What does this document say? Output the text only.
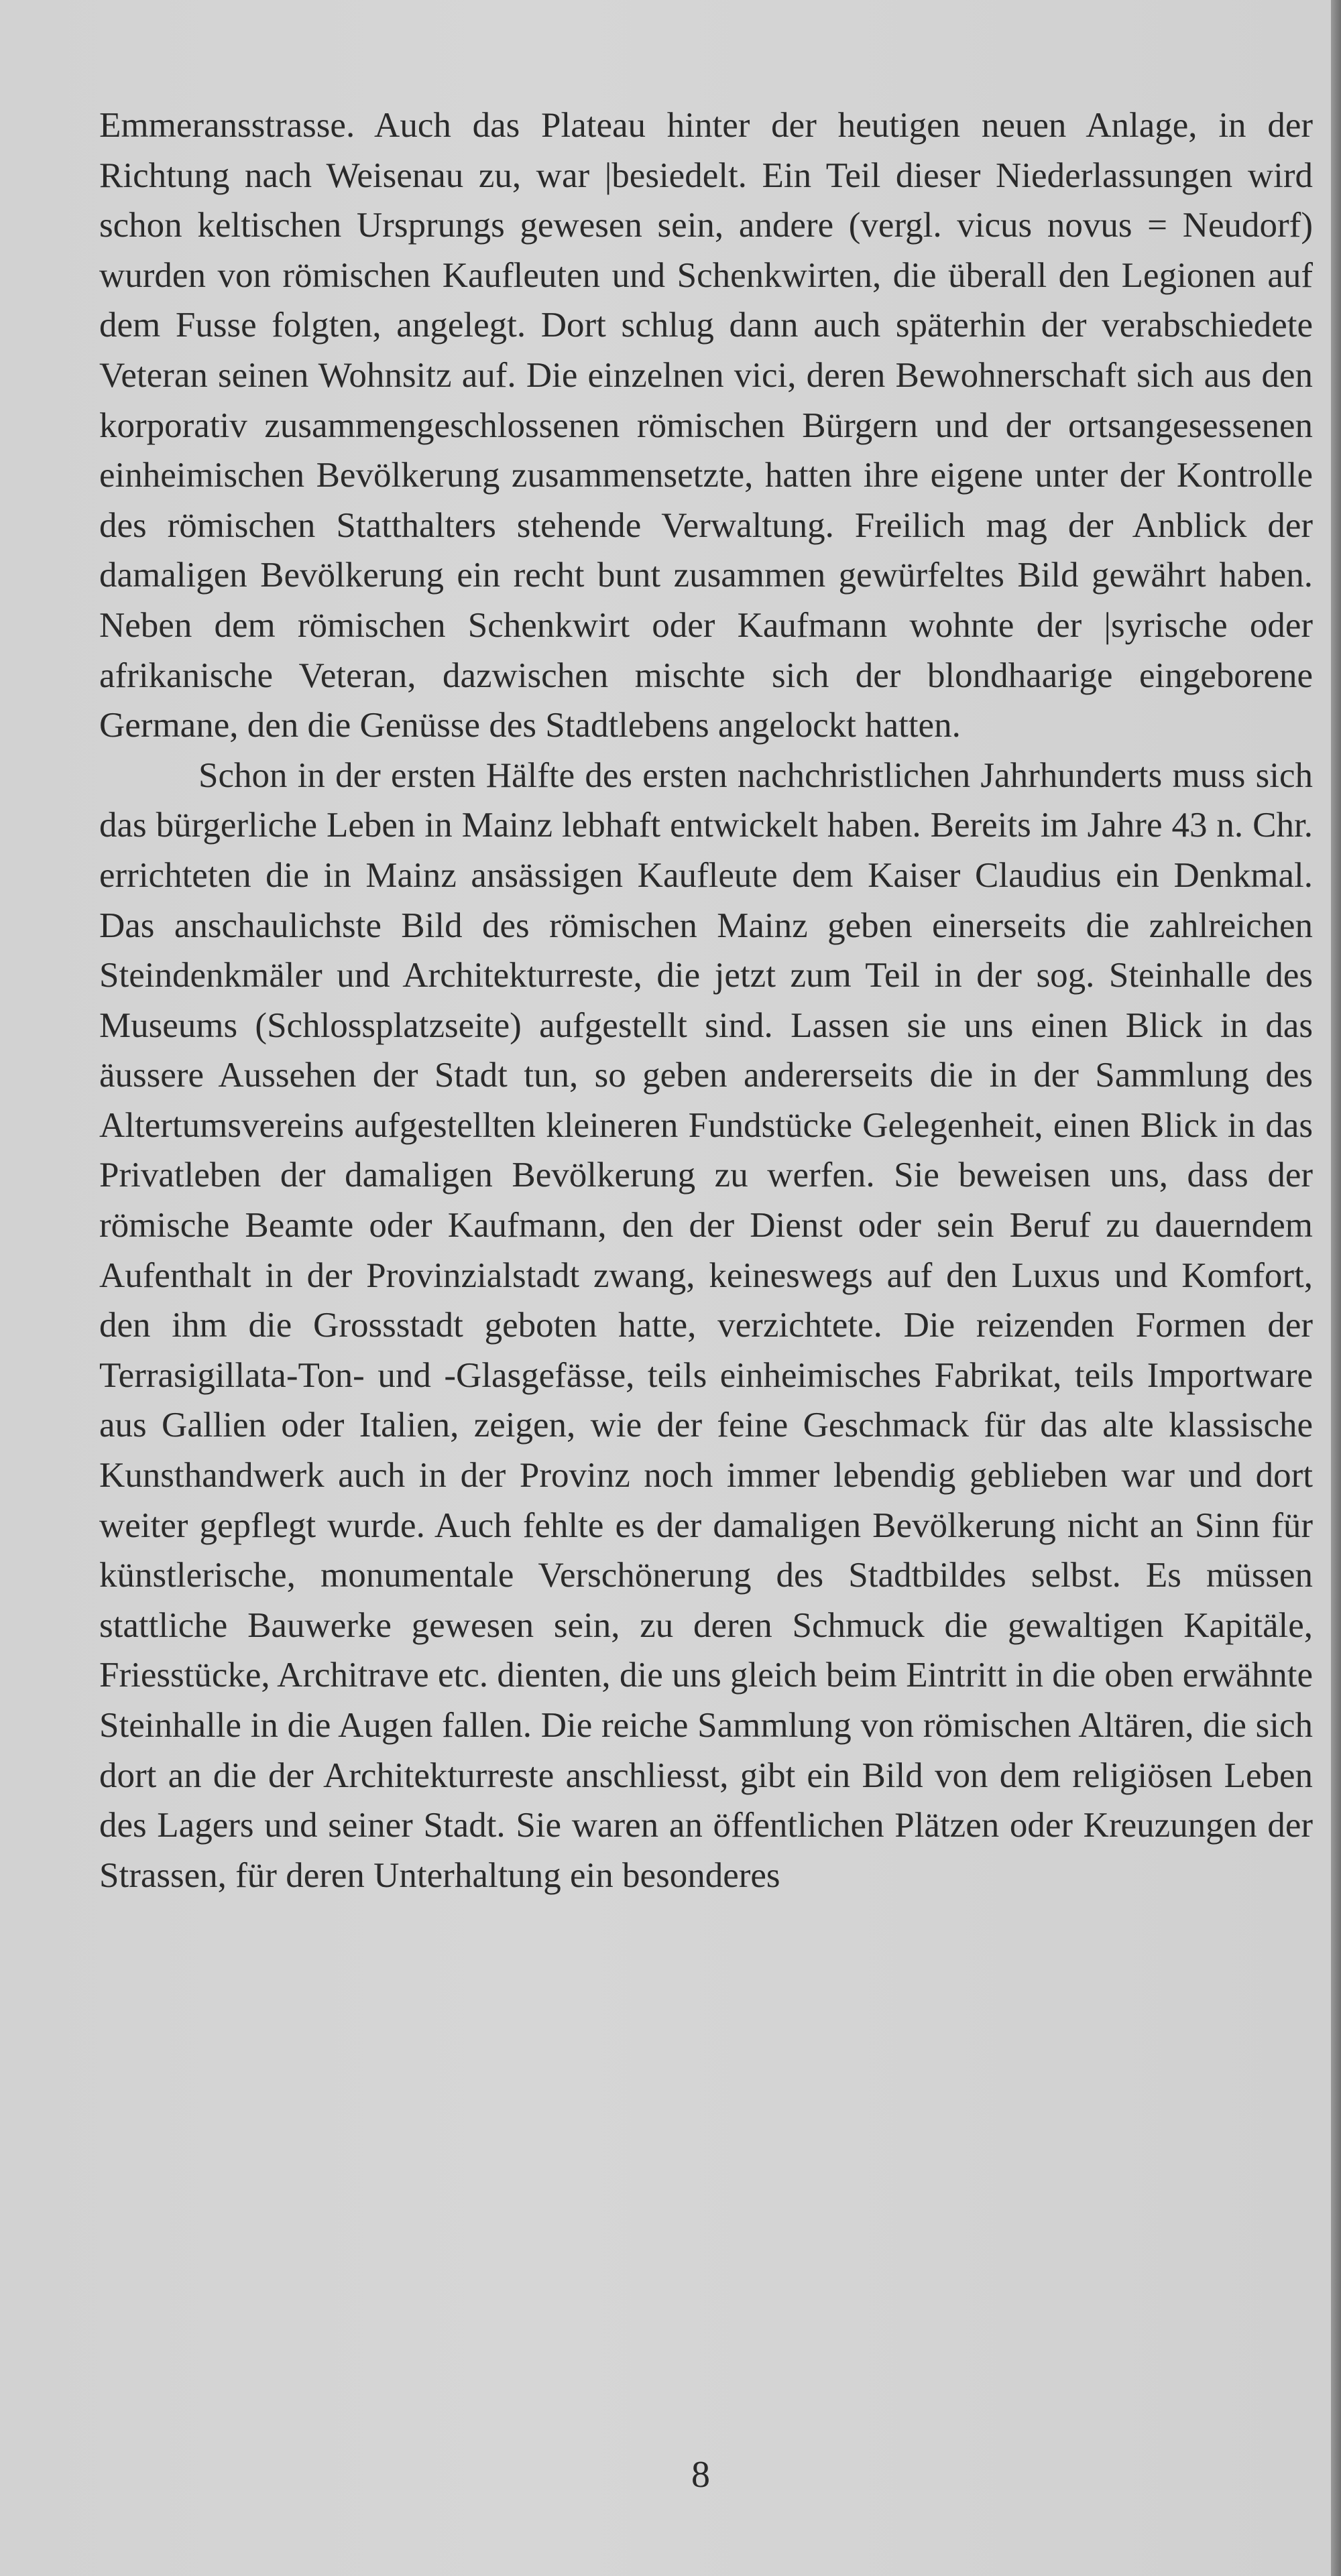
Emmeransstrasse. Auch das Plateau hinter der heutigen neuen Anlage, in der Richtung nach Weisenau zu, war |besiedelt. Ein Teil dieser Niederlassungen wird schon keltischen Ursprungs gewesen sein, andere (vergl. vicus novus = Neudorf) wurden von römischen Kaufleuten und Schenkwirten, die überall den Legionen auf dem Fusse folgten, angelegt. Dort schlug dann auch späterhin der verabschiedete Veteran seinen Wohnsitz auf. Die einzelnen vici, deren Bewohnerschaft sich aus den korporativ zusammengeschlossenen römischen Bürgern und der ortsangesessenen einheimischen Bevölkerung zusammensetzte, hatten ihre eigene unter der Kontrolle des römischen Statthalters stehende Verwaltung. Freilich mag der Anblick der damaligen Bevölkerung ein recht bunt zusammen gewürfeltes Bild gewährt haben. Neben dem römischen Schenkwirt oder Kaufmann wohnte der |syrische oder afrikanische Veteran, dazwischen mischte sich der blondhaarige eingeborene Germane, den die Genüsse des Stadtlebens angelockt hatten.

Schon in der ersten Hälfte des ersten nachchristlichen Jahrhunderts muss sich das bürgerliche Leben in Mainz lebhaft entwickelt haben. Bereits im Jahre 43 n. Chr. errichteten die in Mainz ansässigen Kaufleute dem Kaiser Claudius ein Denkmal. Das anschaulichste Bild des römischen Mainz geben einerseits die zahlreichen Steindenkmäler und Architekturreste, die jetzt zum Teil in der sog. Steinhalle des Museums (Schlossplatzseite) aufgestellt sind. Lassen sie uns einen Blick in das äussere Aussehen der Stadt tun, so geben andererseits die in der Sammlung des Altertumsvereins aufgestellten kleineren Fundstücke Gelegenheit, einen Blick in das Privatleben der damaligen Bevölkerung zu werfen. Sie beweisen uns, dass der römische Beamte oder Kaufmann, den der Dienst oder sein Beruf zu dauerndem Aufenthalt in der Provinzialstadt zwang, keineswegs auf den Luxus und Komfort, den ihm die Grossstadt geboten hatte, verzichtete. Die reizenden Formen der Terrasigillata-Ton- und -Glasgefässe, teils einheimisches Fabrikat, teils Importware aus Gallien oder Italien, zeigen, wie der feine Geschmack für das alte klassische Kunsthandwerk auch in der Provinz noch immer lebendig geblieben war und dort weiter gepflegt wurde. Auch fehlte es der damaligen Bevölkerung nicht an Sinn für künstlerische, monumentale Verschönerung des Stadtbildes selbst. Es müssen stattliche Bauwerke gewesen sein, zu deren Schmuck die gewaltigen Kapitäle, Friesstücke, Architrave etc. dienten, die uns gleich beim Eintritt in die oben erwähnte Steinhalle in die Augen fallen. Die reiche Sammlung von römischen Altären, die sich dort an die der Architekturreste anschliesst, gibt ein Bild von dem religiösen Leben des Lagers und seiner Stadt. Sie waren an öffentlichen Plätzen oder Kreuzungen der Strassen, für deren Unterhaltung ein besonderes

8
